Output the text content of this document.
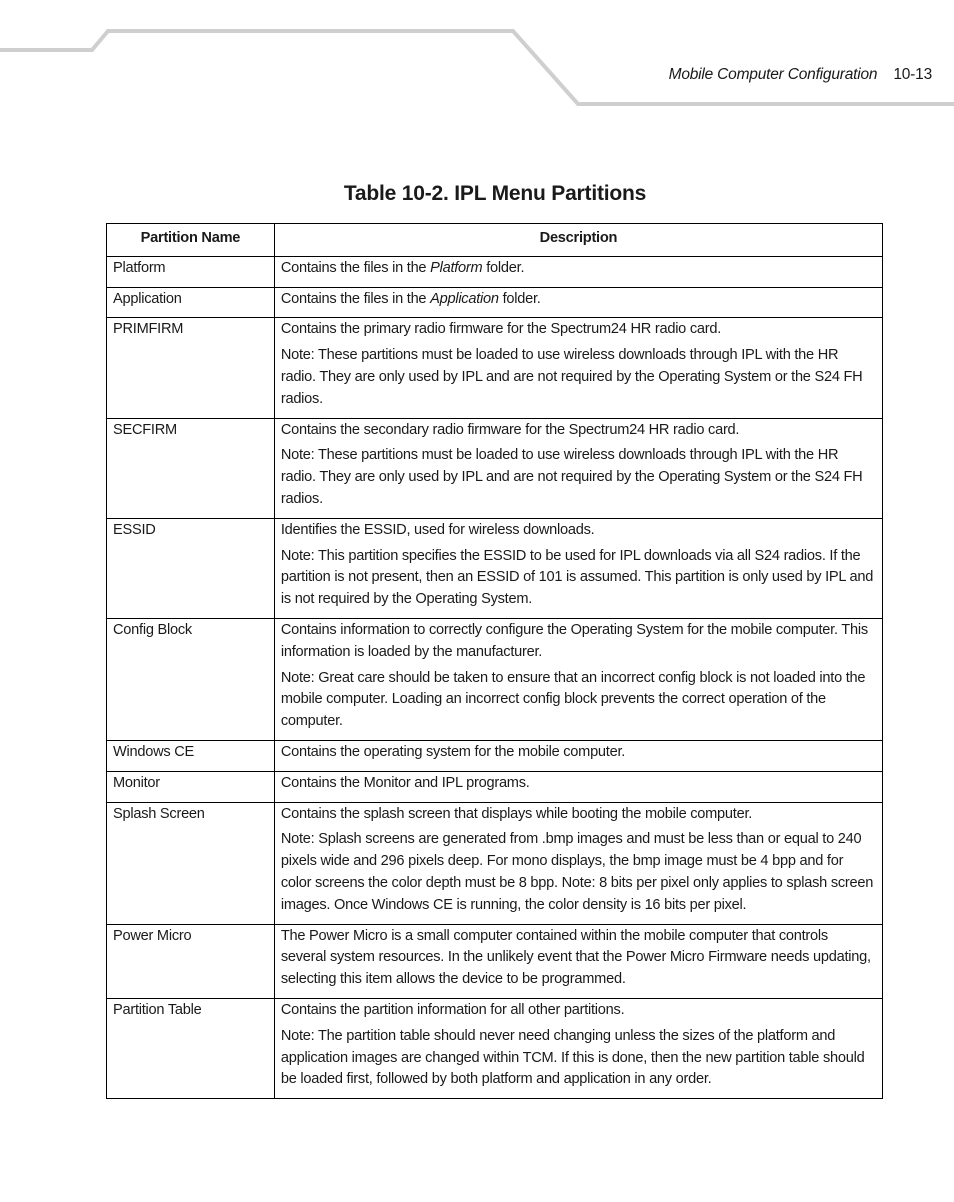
Mobile Computer Configuration 10-13
Table 10-2. IPL Menu Partitions
Partition Name	Description
Platform	Contains the files in the Platform folder.

Application	Contains the files in the Application folder.

PRIMFIRM	Contains the primary radio firmware for the Spectrum24 HR radio card.

Note: These partitions must be loaded to use wireless downloads through IPL with the HR radio. They are only used by IPL and are not required by the Operating System or the S24 FH radios.

SECFIRM	Contains the secondary radio firmware for the Spectrum24 HR radio card.

Note: These partitions must be loaded to use wireless downloads through IPL with the HR radio. They are only used by IPL and are not required by the Operating System or the S24 FH radios.

ESSID	Identifies the ESSID, used for wireless downloads.

Note: This partition specifies the ESSID to be used for IPL downloads via all S24 radios. If the partition is not present, then an ESSID of 101 is assumed. This partition is only used by IPL and is not required by the Operating System.

Config Block	Contains information to correctly configure the Operating System for the mobile computer. This information is loaded by the manufacturer.

Note: Great care should be taken to ensure that an incorrect config block is not loaded into the mobile computer. Loading an incorrect config block prevents the correct operation of the computer.

Windows CE	Contains the operating system for the mobile computer.

Monitor	Contains the Monitor and IPL programs.

Splash Screen	Contains the splash screen that displays while booting the mobile computer.

Note: Splash screens are generated from .bmp images and must be less than or equal to 240 pixels wide and 296 pixels deep. For mono displays, the bmp image must be 4 bpp and for color screens the color depth must be 8 bpp. Note: 8 bits per pixel only applies to splash screen images. Once Windows CE is running, the color density is 16 bits per pixel.

Power Micro	The Power Micro is a small computer contained within the mobile computer that controls several system resources. In the unlikely event that the Power Micro Firmware needs updating, selecting this item allows the device to be programmed.

Partition Table	Contains the partition information for all other partitions.

Note: The partition table should never need changing unless the sizes of the platform and application images are changed within TCM. If this is done, then the new partition table should be loaded first, followed by both platform and application in any order.
